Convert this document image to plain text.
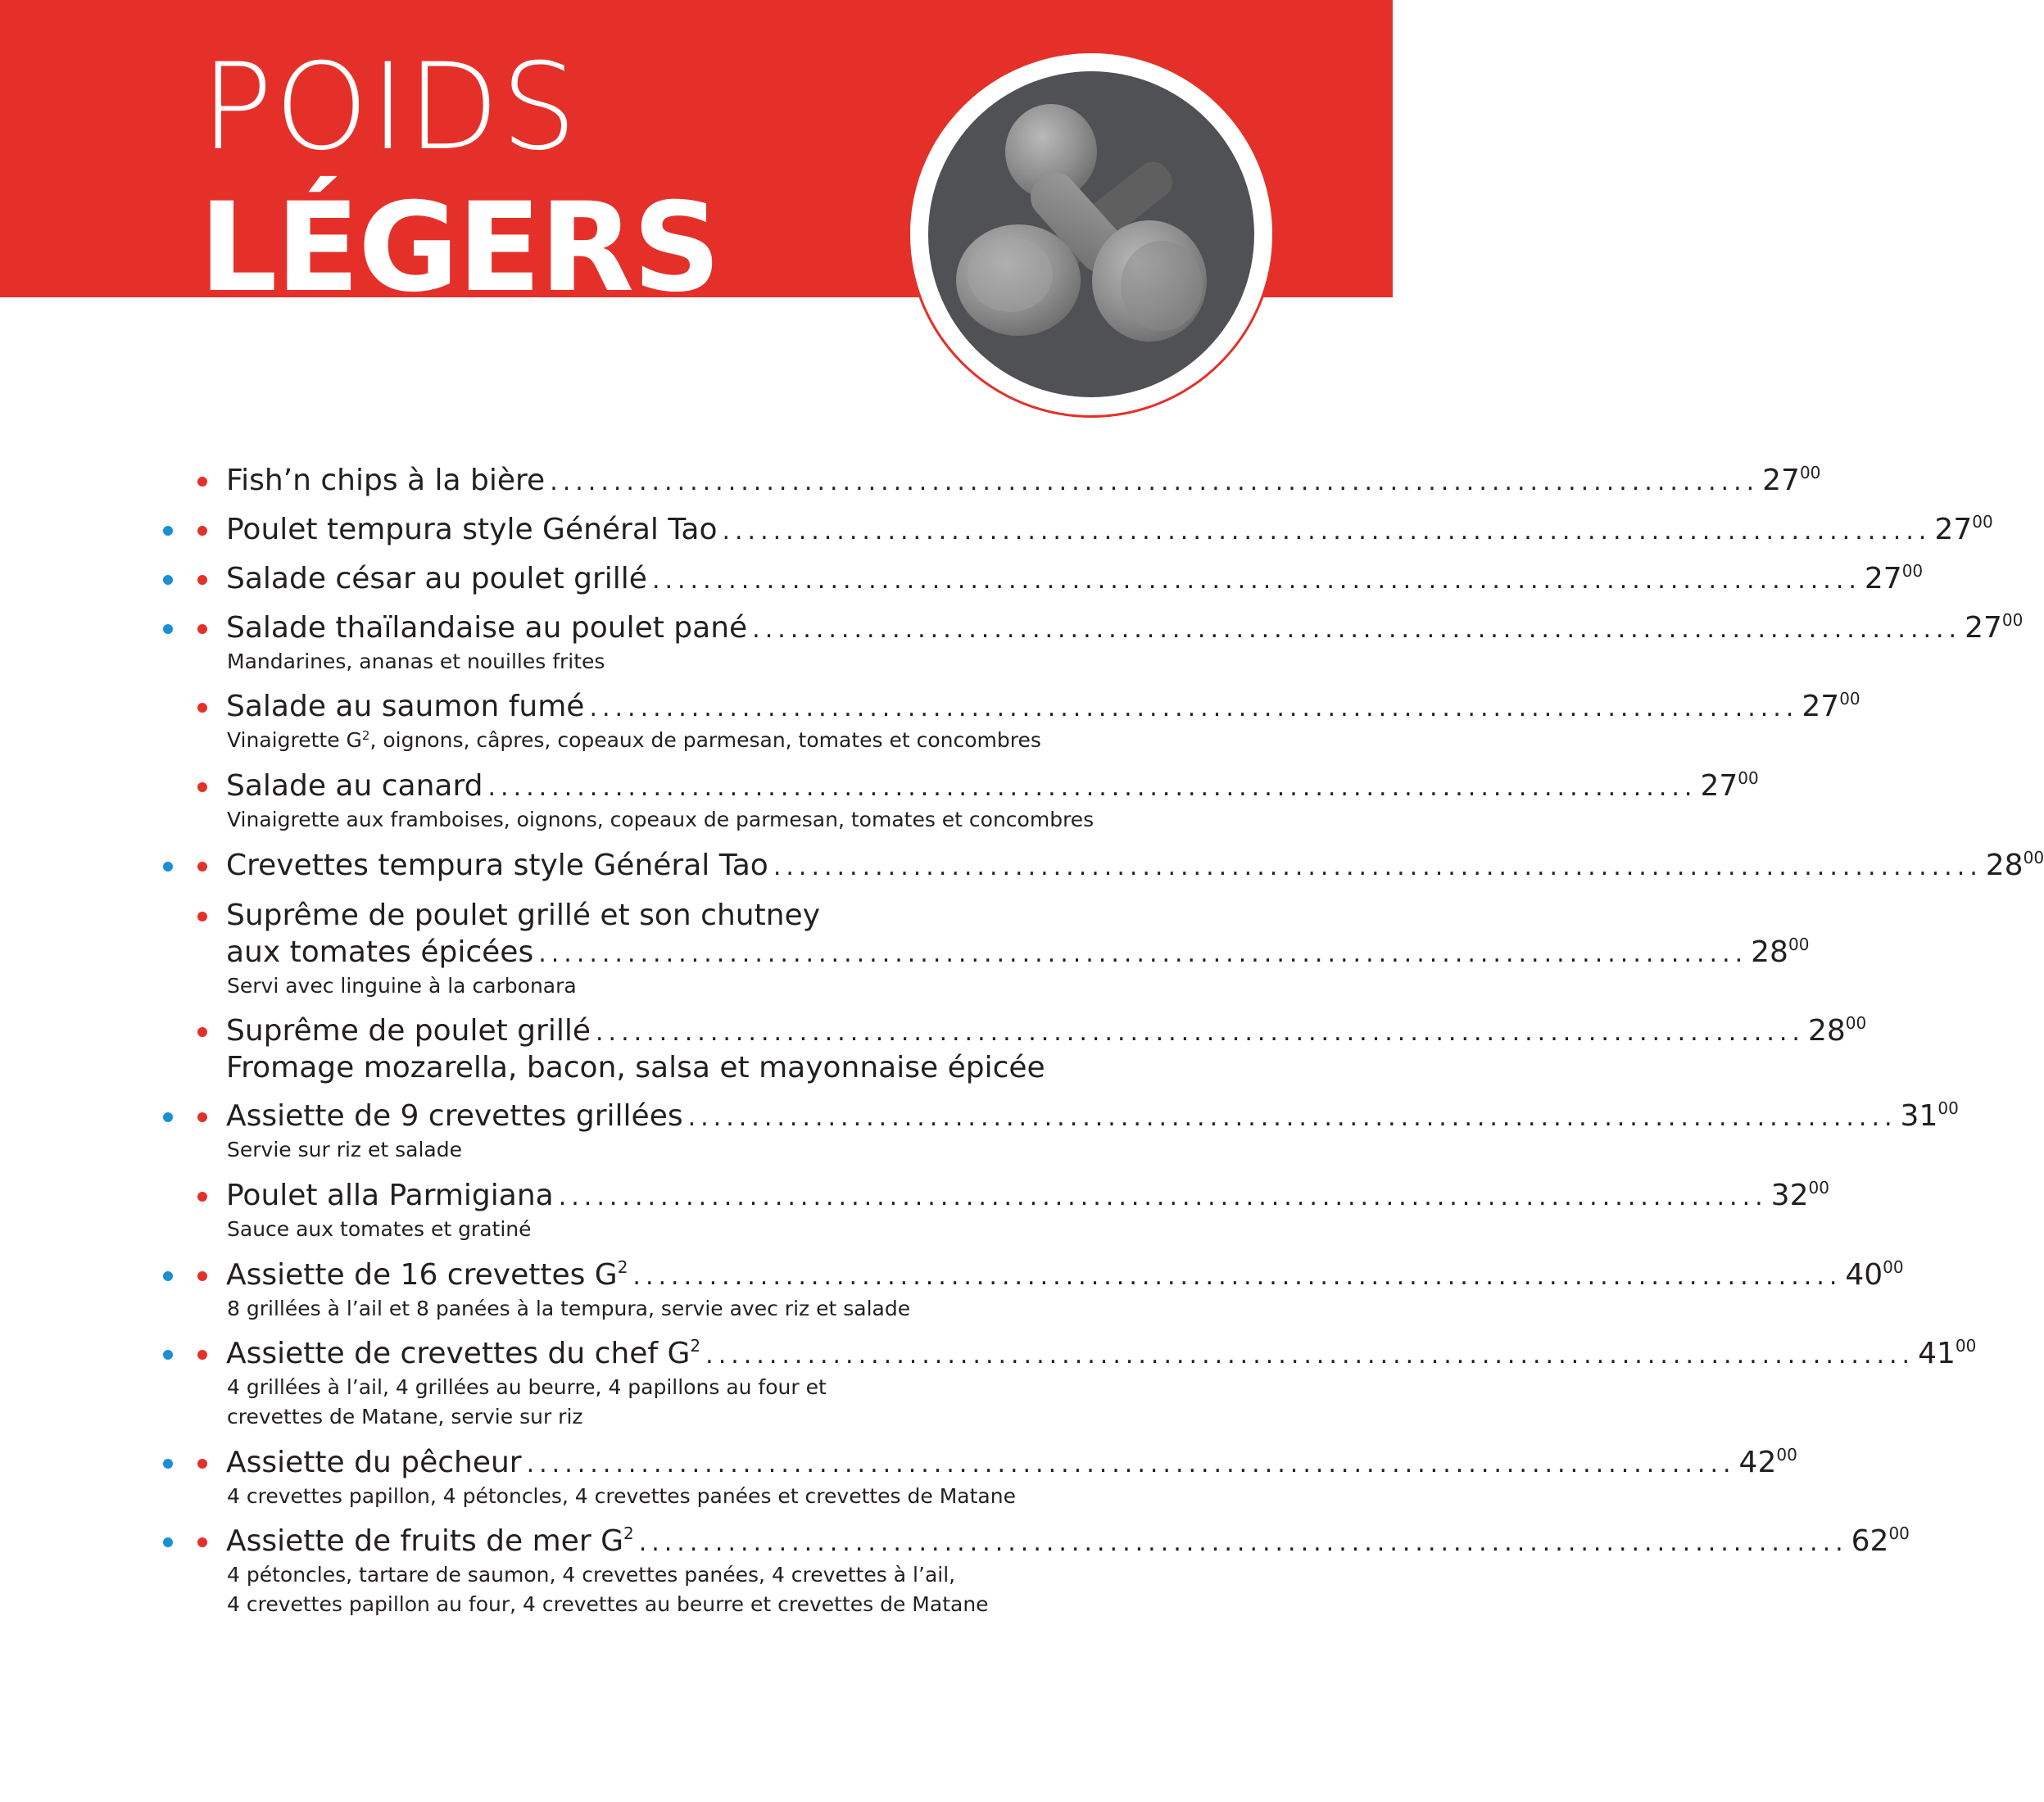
POIDS
LÉGERS
Fish’n chips à la bière ............................................................................................... $27^{00}$
Poulet tempura style Général Tao ............................................................................................... $27^{00}$
Salade césar au poulet grillé ............................................................................................... $27^{00}$
Salade thaïlandaise au poulet pané ............................................................................................... $27^{00}$
Mandarines, ananas et nouilles frites
Salade au saumon fumé ............................................................................................... $27^{00}$
Vinaigrette $G^2$, oignons, câpres, copeaux de parmesan, tomates et concombres
Salade au canard ............................................................................................... $27^{00}$
Vinaigrette aux framboises, oignons, copeaux de parmesan, tomates et concombres
Crevettes tempura style Général Tao ............................................................................................... $28^{00}$
Suprême de poulet grillé et son chutney
aux tomates épicées ............................................................................................... $28^{00}$
Servi avec linguine à la carbonara
Suprême de poulet grillé ............................................................................................... $28^{00}$
Fromage mozarella, bacon, salsa et mayonnaise épicée
Assiette de 9 crevettes grillées ............................................................................................... $31^{00}$
Servie sur riz et salade
Poulet alla Parmigiana ............................................................................................... $32^{00}$
Sauce aux tomates et gratiné
Assiette de 16 crevettes $G^2$ ............................................................................................... $40^{00}$
8 grillées à l’ail et 8 panées à la tempura, servie avec riz et salade
Assiette de crevettes du chef $G^2$ ............................................................................................... $41^{00}$
4 grillées à l’ail, 4 grillées au beurre, 4 papillons au four et
crevettes de Matane, servie sur riz
Assiette du pêcheur ............................................................................................... $42^{00}$
4 crevettes papillon, 4 pétoncles, 4 crevettes panées et crevettes de Matane
Assiette de fruits de mer $G^2$ ............................................................................................... $62^{00}$
4 pétoncles, tartare de saumon, 4 crevettes panées, 4 crevettes à l’ail,
4 crevettes papillon au four, 4 crevettes au beurre et crevettes de Matane
